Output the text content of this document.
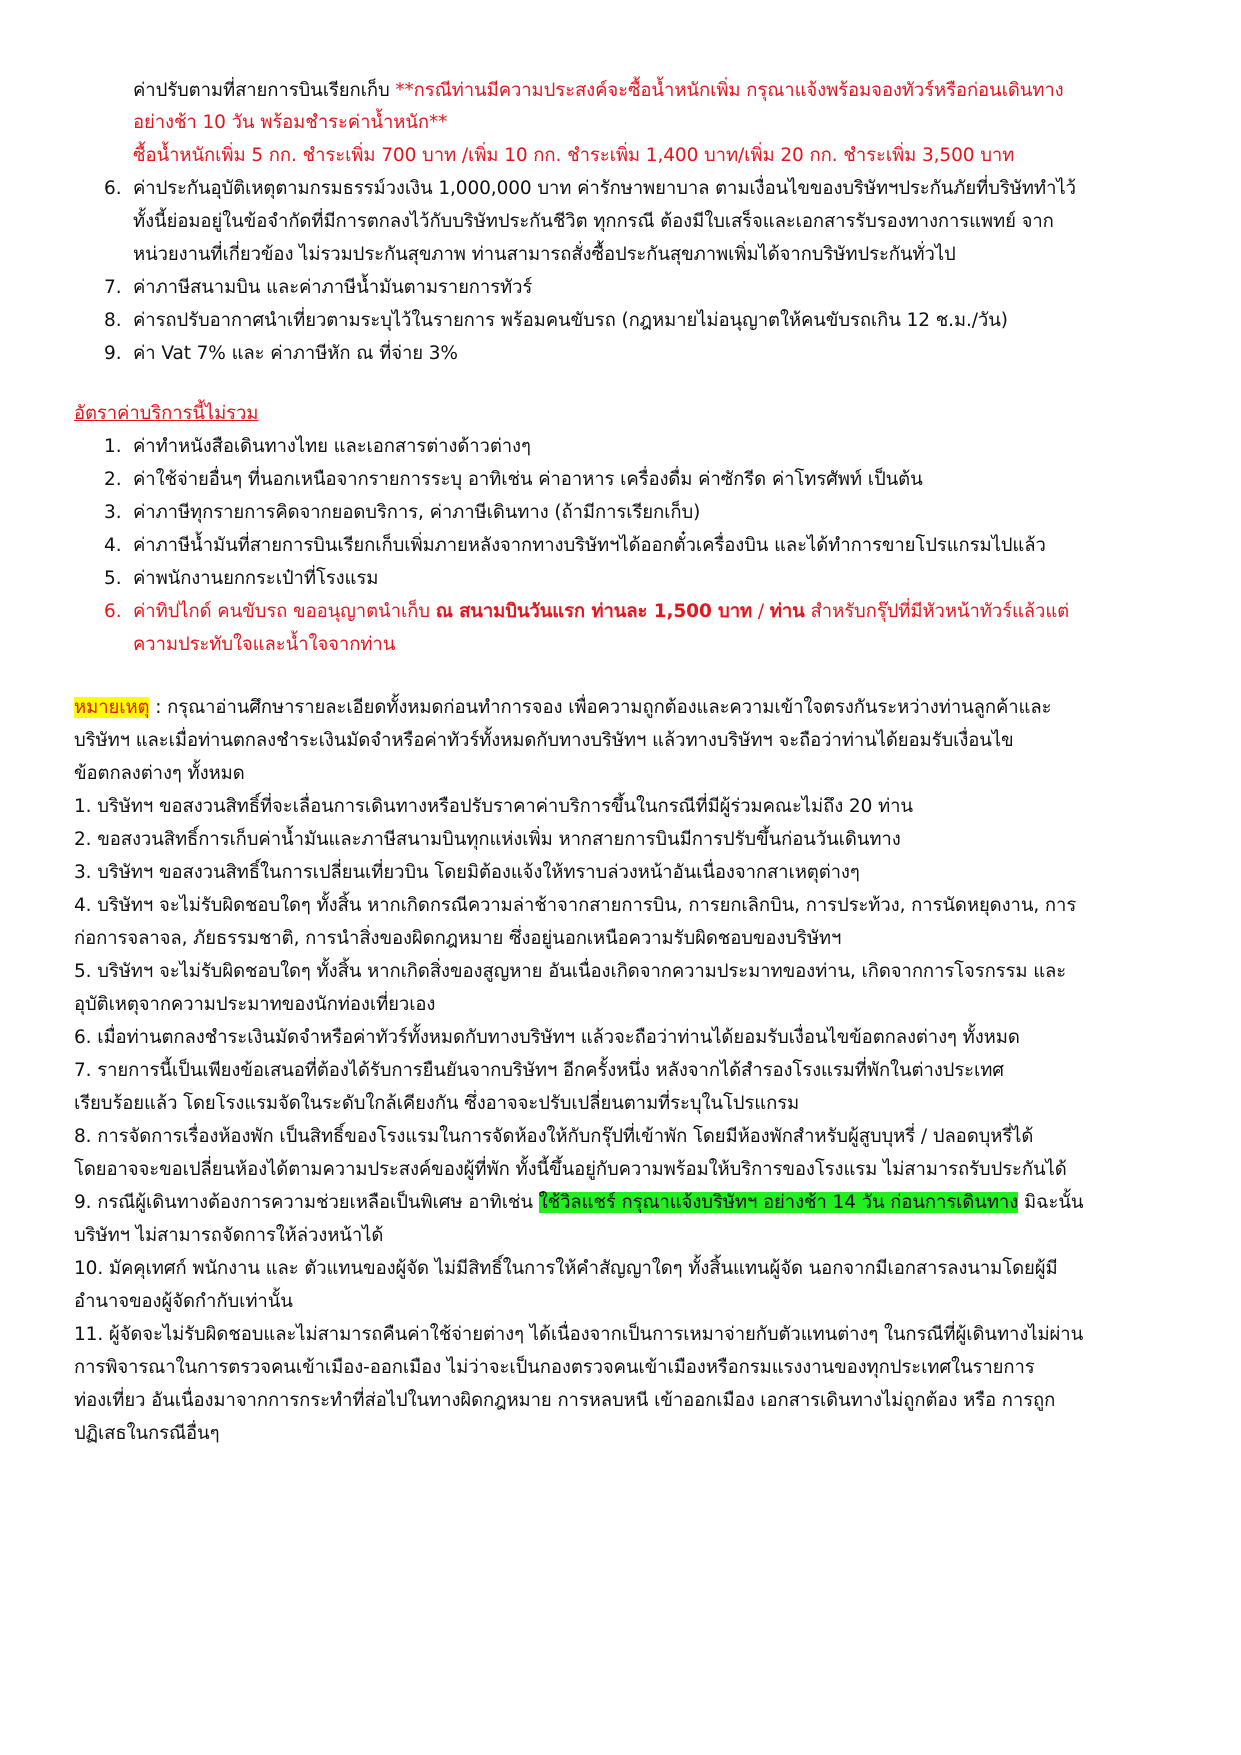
ค่าปรับตามที่สายการบินเรียกเก็บ **กรณีท่านมีความประสงค์จะซื้อน้ำหนักเพิ่ม กรุณาแจ้งพร้อมจองทัวร์หรือก่อนเดินทาง
อย่างช้า 10 วัน พร้อมชำระค่าน้ำหนัก**
ซื้อน้ำหนักเพิ่ม 5 กก. ชำระเพิ่ม 700 บาท /เพิ่ม 10 กก. ชำระเพิ่ม 1,400 บาท/เพิ่ม 20 กก. ชำระเพิ่ม 3,500 บาท
6. ค่าประกันอุบัติเหตุตามกรมธรรม์วงเงิน 1,000,000 บาท ค่ารักษาพยาบาล ตามเงื่อนไขของบริษัทฯประกันภัยที่บริษัททำไว้
ทั้งนี้ย่อมอยู่ในข้อจำกัดที่มีการตกลงไว้กับบริษัทประกันชีวิต ทุกกรณี ต้องมีใบเสร็จและเอกสารรับรองทางการแพทย์ จาก
หน่วยงานที่เกี่ยวข้อง ไม่รวมประกันสุขภาพ ท่านสามารถสั่งซื้อประกันสุขภาพเพิ่มได้จากบริษัทประกันทั่วไป
7. ค่าภาษีสนามบิน และค่าภาษีน้ำมันตามรายการทัวร์
8. ค่ารถปรับอากาศนำเที่ยวตามระบุไว้ในรายการ พร้อมคนขับรถ (กฎหมายไม่อนุญาตให้คนขับรถเกิน 12 ช.ม./วัน)
9. ค่า Vat 7% และ ค่าภาษีหัก ณ ที่จ่าย 3%
อัตราค่าบริการนี้ไม่รวม
1. ค่าทำหนังสือเดินทางไทย และเอกสารต่างด้าวต่างๆ
2. ค่าใช้จ่ายอื่นๆ ที่นอกเหนือจากรายการระบุ อาทิเช่น ค่าอาหาร เครื่องดื่ม ค่าซักรีด ค่าโทรศัพท์ เป็นต้น
3. ค่าภาษีทุกรายการคิดจากยอดบริการ, ค่าภาษีเดินทาง (ถ้ามีการเรียกเก็บ)
4. ค่าภาษีน้ำมันที่สายการบินเรียกเก็บเพิ่มภายหลังจากทางบริษัทฯได้ออกตั๋วเครื่องบิน และได้ทำการขายโปรแกรมไปแล้ว
5. ค่าพนักงานยกกระเป๋าที่โรงแรม
6. ค่าทิปไกด์ คนขับรถ ขออนุญาตนำเก็บ ณ สนามบินวันแรก ท่านละ 1,500 บาท / ท่าน สำหรับกรุ๊ปที่มีหัวหน้าทัวร์แล้วแต่
ความประทับใจและน้ำใจจากท่าน
หมายเหตุ : กรุณาอ่านศึกษารายละเอียดทั้งหมดก่อนทำการจอง เพื่อความถูกต้องและความเข้าใจตรงกันระหว่างท่านลูกค้าและ
บริษัทฯ และเมื่อท่านตกลงชำระเงินมัดจำหรือค่าทัวร์ทั้งหมดกับทางบริษัทฯ แล้วทางบริษัทฯ จะถือว่าท่านได้ยอมรับเงื่อนไข
ข้อตกลงต่างๆ ทั้งหมด
1. บริษัทฯ ขอสงวนสิทธิ์ที่จะเลื่อนการเดินทางหรือปรับราคาค่าบริการขึ้นในกรณีที่มีผู้ร่วมคณะไม่ถึง 20 ท่าน
2. ขอสงวนสิทธิ์การเก็บค่าน้ำมันและภาษีสนามบินทุกแห่งเพิ่ม หากสายการบินมีการปรับขึ้นก่อนวันเดินทาง
3. บริษัทฯ ขอสงวนสิทธิ์ในการเปลี่ยนเที่ยวบิน โดยมิต้องแจ้งให้ทราบล่วงหน้าอันเนื่องจากสาเหตุต่างๆ
4. บริษัทฯ จะไม่รับผิดชอบใดๆ ทั้งสิ้น หากเกิดกรณีความล่าช้าจากสายการบิน, การยกเลิกบิน, การประท้วง, การนัดหยุดงาน, การ
ก่อการจลาจล, ภัยธรรมชาติ, การนำสิ่งของผิดกฎหมาย ซึ่งอยู่นอกเหนือความรับผิดชอบของบริษัทฯ
5. บริษัทฯ จะไม่รับผิดชอบใดๆ ทั้งสิ้น หากเกิดสิ่งของสูญหาย อันเนื่องเกิดจากความประมาทของท่าน, เกิดจากการโจรกรรม และ
อุบัติเหตุจากความประมาทของนักท่องเที่ยวเอง
6. เมื่อท่านตกลงชำระเงินมัดจำหรือค่าทัวร์ทั้งหมดกับทางบริษัทฯ แล้วจะถือว่าท่านได้ยอมรับเงื่อนไขข้อตกลงต่างๆ ทั้งหมด
7. รายการนี้เป็นเพียงข้อเสนอที่ต้องได้รับการยืนยันจากบริษัทฯ อีกครั้งหนึ่ง หลังจากได้สำรองโรงแรมที่พักในต่างประเทศ
เรียบร้อยแล้ว โดยโรงแรมจัดในระดับใกล้เคียงกัน ซึ่งอาจจะปรับเปลี่ยนตามที่ระบุในโปรแกรม
8. การจัดการเรื่องห้องพัก เป็นสิทธิ์ของโรงแรมในการจัดห้องให้กับกรุ๊ปที่เข้าพัก โดยมีห้องพักสำหรับผู้สูบบุหรี่ / ปลอดบุหรี่ได้
โดยอาจจะขอเปลี่ยนห้องได้ตามความประสงค์ของผู้ที่พัก ทั้งนี้ขึ้นอยู่กับความพร้อมให้บริการของโรงแรม ไม่สามารถรับประกันได้
9. กรณีผู้เดินทางต้องการความช่วยเหลือเป็นพิเศษ อาทิเช่น ใช้วิลแชร์ กรุณาแจ้งบริษัทฯ อย่างช้า 14 วัน ก่อนการเดินทาง มิฉะนั้น
บริษัทฯ ไม่สามารถจัดการให้ล่วงหน้าได้
10. มัคคุเทศก์ พนักงาน และ ตัวแทนของผู้จัด ไม่มีสิทธิ์ในการให้คำสัญญาใดๆ ทั้งสิ้นแทนผู้จัด นอกจากมีเอกสารลงนามโดยผู้มี
อำนาจของผู้จัดกำกับเท่านั้น
11. ผู้จัดจะไม่รับผิดชอบและไม่สามารถคืนค่าใช้จ่ายต่างๆ ได้เนื่องจากเป็นการเหมาจ่ายกับตัวแทนต่างๆ ในกรณีที่ผู้เดินทางไม่ผ่าน
การพิจารณาในการตรวจคนเข้าเมือง-ออกเมือง ไม่ว่าจะเป็นกองตรวจคนเข้าเมืองหรือกรมแรงงานของทุกประเทศในรายการ
ท่องเที่ยว อันเนื่องมาจากการกระทำที่ส่อไปในทางผิดกฎหมาย การหลบหนี เข้าออกเมือง เอกสารเดินทางไม่ถูกต้อง หรือ การถูก
ปฏิเสธในกรณีอื่นๆ
